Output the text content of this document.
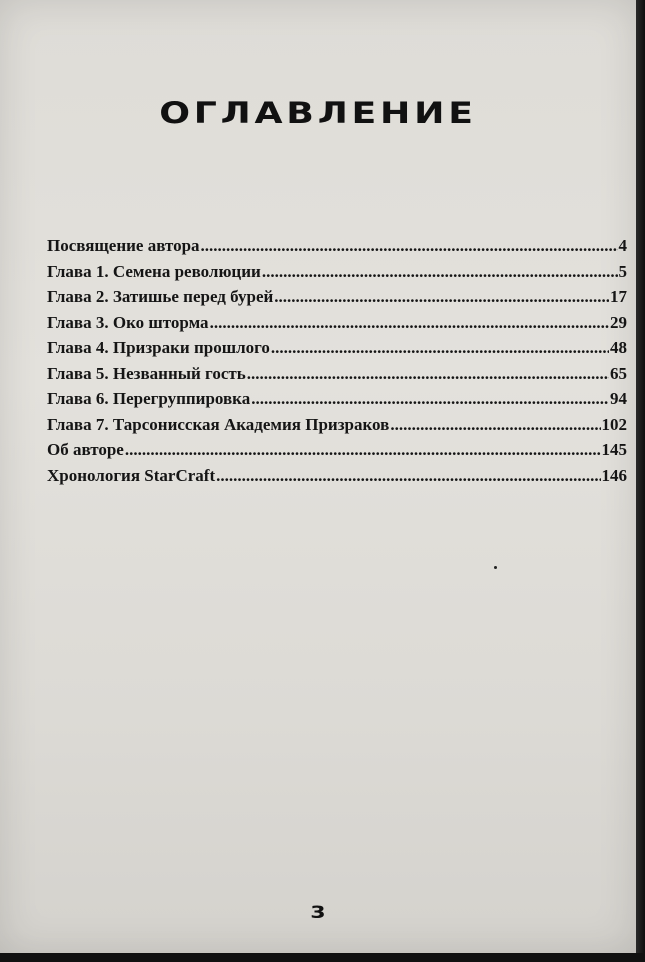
ОГЛАВЛЕНИЕ
Посвящение автора .....	4
Глава 1. Семена революции .....	5
Глава 2. Затишье перед бурей .....	17
Глава 3. Око шторма .....	29
Глава 4. Призраки прошлого .....	48
Глава 5. Незванный гость .....	65
Глава 6. Перегруппировка .....	94
Глава 7. Тарсонисская Академия Призраков .....	102
Об авторе .....	145
Хронология StarCraft .....	146
3
